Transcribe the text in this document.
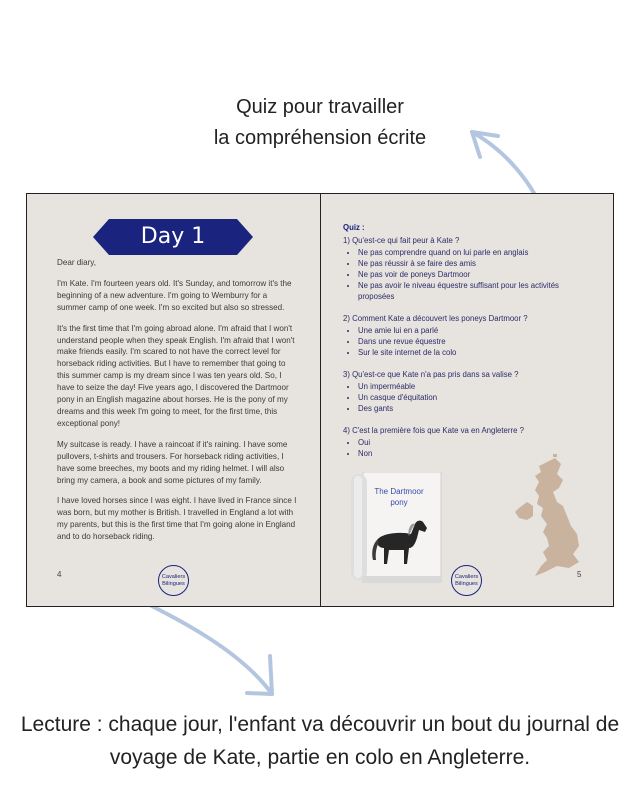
Quiz pour travailler
la compréhension écrite
Day 1

Dear diary,

I'm Kate. I'm fourteen years old. It's Sunday, and tomorrow it's the beginning of a new adventure. I'm going to Wemburry for a summer camp of one week. I'm so excited but also so stressed.

It's the first time that I'm going abroad alone. I'm afraid that I won't understand people when they speak English. I'm afraid that I won't make friends easily. I'm scared to not have the correct level for horseback riding activities. But I have to remember that going to this summer camp is my dream since I was ten years old. So, I have to seize the day! Five years ago, I discovered the Dartmoor pony in an English magazine about horses. He is the pony of my dreams and this week I'm going to meet, for the first time, this exceptional pony!

My suitcase is ready. I have a raincoat if it's raining. I have some pullovers, t-shirts and trousers. For horseback riding activities, I have some breeches, my boots and my riding helmet. I will also bring my camera, a book and some pictures of my family.

I have loved horses since I was eight. I have lived in France since I was born, but my mother is British. I travelled in England a lot with my parents, but this is the first time that I'm going alone in England and to do horseback riding.

4	Cavaliers
Bilingues
Quiz :
1) Qu'est-ce qui fait peur à Kate ?
• Ne pas comprendre quand on lui parle en anglais
• Ne pas réussir à se faire des amis
• Ne pas voir de poneys Dartmoor
• Ne pas avoir le niveau équestre suffisant pour les activités proposées
2) Comment Kate a découvert les poneys Dartmoor ?
• Une amie lui en a parlé
• Dans une revue équestre
• Sur le site internet de la colo
3) Qu'est-ce que Kate n'a pas pris dans sa valise ?
• Un imperméable
• Un casque d'équitation
• Des gants
4) C'est la première fois que Kate va en Angleterre ?
• Oui
• Non
The Dartmoor pony
5
Cavaliers
Bilingues
Lecture : chaque jour, l'enfant va découvrir un bout du journal de
voyage de Kate, partie en colo en Angleterre.
